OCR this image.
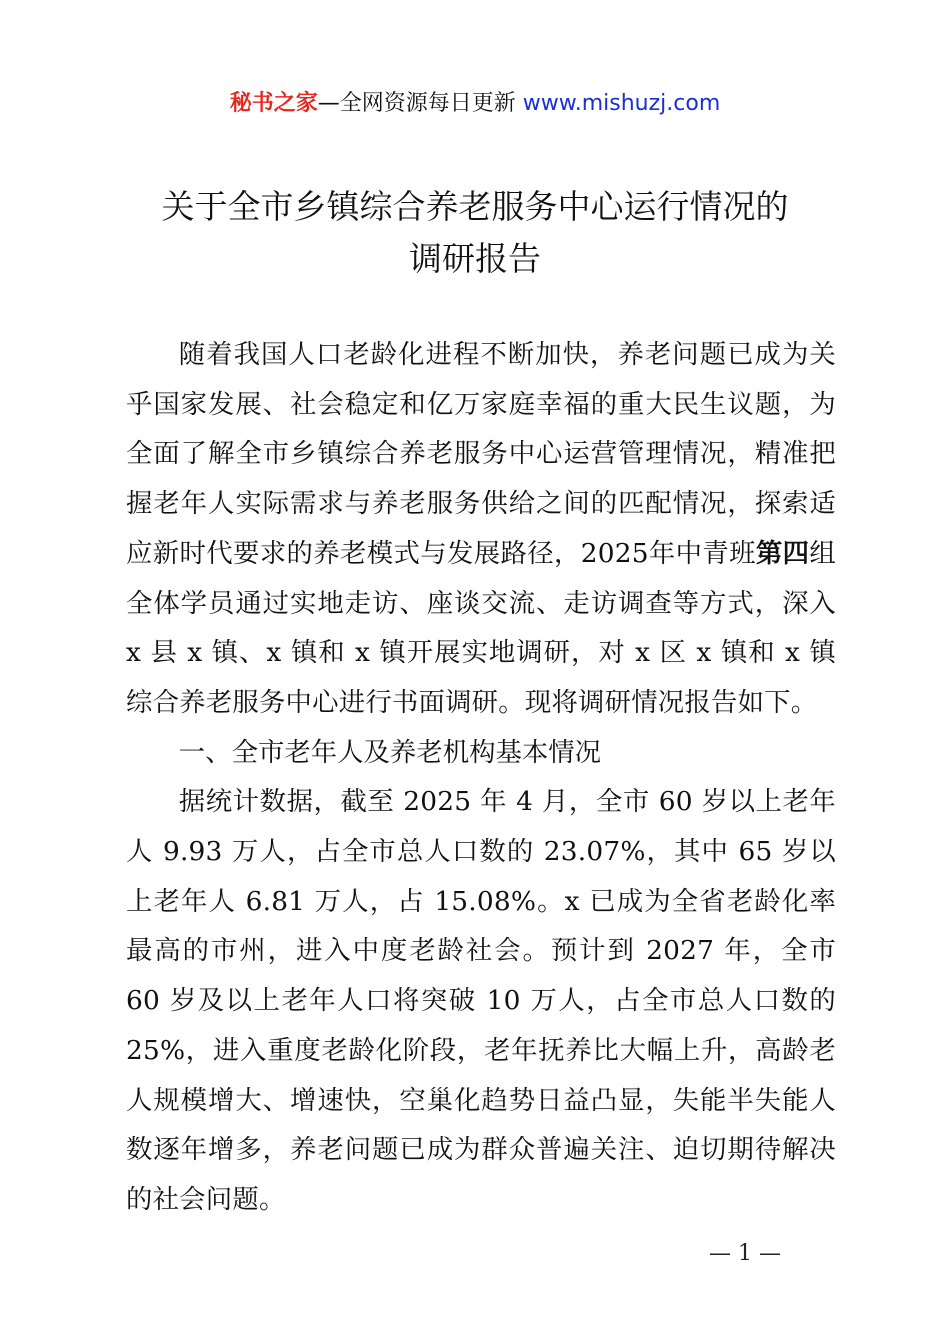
秘书之家—全网资源每日更新 www.mishuzj.com
关于全市乡镇综合养老服务中心运行情况的
调研报告

随着我国人口老龄化进程不断加快，养老问题已成为关乎国家发展、社会稳定和亿万家庭幸福的重大民生议题，为全面了解全市乡镇综合养老服务中心运营管理情况，精准把握老年人实际需求与养老服务供给之间的匹配情况，探索适应新时代要求的养老模式与发展路径，2025年中青班第四组全体学员通过实地走访、座谈交流、走访调查等方式，深入 x 县 x 镇、x 镇和 x 镇开展实地调研，对 x 区 x 镇和 x 镇综合养老服务中心进行书面调研。现将调研情况报告如下。

一、全市老年人及养老机构基本情况

据统计数据，截至 2025 年 4 月，全市 60 岁以上老年人 9.93 万人，占全市总人口数的 23.07%，其中 65 岁以上老年人 6.81 万人，占 15.08%。x 已成为全省老龄化率最高的市州，进入中度老龄社会。预计到 2027 年，全市 60 岁及以上老年人口将突破 10 万人，占全市总人口数的 25%，进入重度老龄化阶段，老年抚养比大幅上升，高龄老人规模增大、增速快，空巢化趋势日益凸显，失能半失能人数逐年增多，养老问题已成为群众普遍关注、迫切期待解决的社会问题。

— 1 —
